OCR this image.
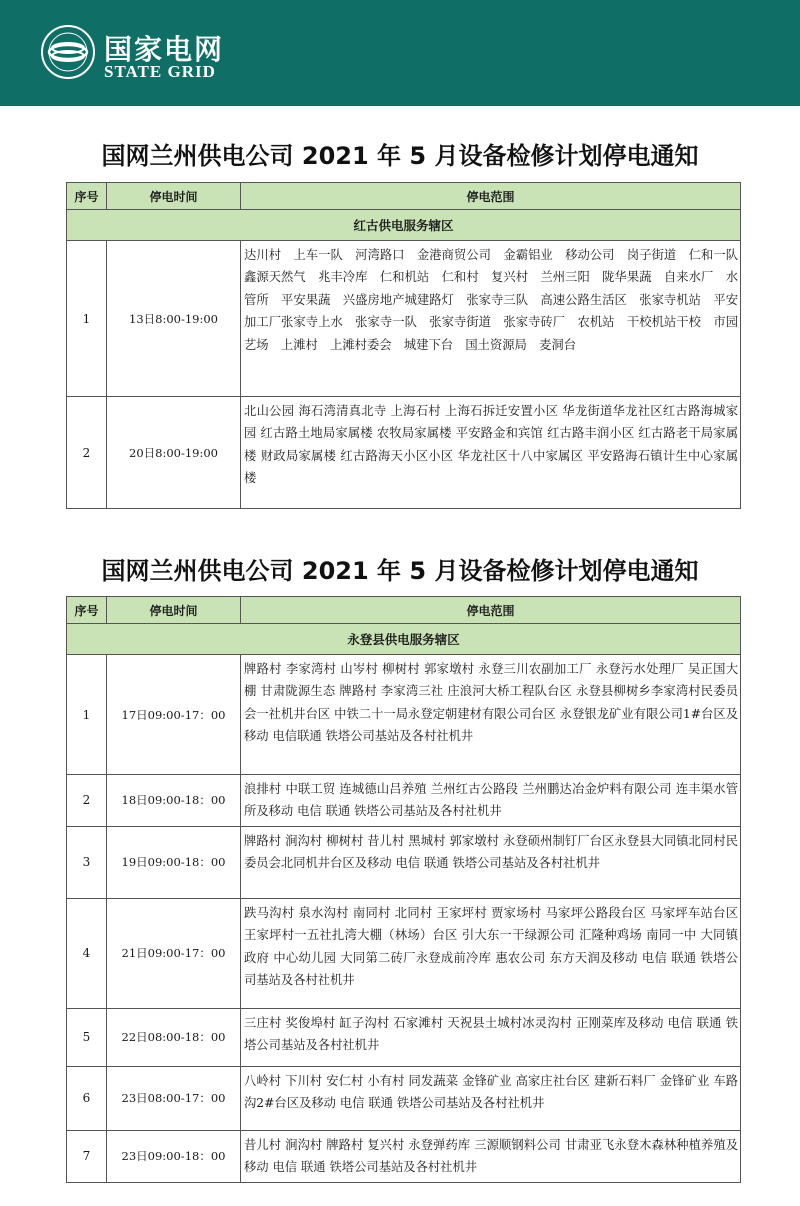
国家电网
STATE GRID
国网兰州供电公司 2021 年 5 月设备检修计划停电通知
序号	停电时间	停电范围
红古供电服务辖区		
1	13日8:00-19:00	达川村　上车一队　河湾路口　金港商贸公司　金霸铝业　移动公司　岗子街道　仁和一队　鑫源天然气　兆丰冷库　仁和机站　仁和村　复兴村　兰州三阳　陇华果蔬　自来水厂　水管所　平安果蔬　兴盛房地产城建路灯　张家寺三队　高速公路生活区　张家寺机站　平安加工厂张家寺上水　张家寺一队　张家寺街道　张家寺砖厂　农机站　干校机站干校　市园艺场　上滩村　上滩村委会　城建下台　国土资源局　麦洞台
2	20日8:00-19:00	北山公园 海石湾清真北寺 上海石村 上海石拆迁安置小区 华龙街道华龙社区红古路海城家园 红古路土地局家属楼 农牧局家属楼 平安路金和宾馆 红古路丰润小区 红古路老干局家属楼 财政局家属楼 红古路海天小区小区 华龙社区十八中家属区 平安路海石镇计生中心家属楼
国网兰州供电公司 2021 年 5 月设备检修计划停电通知
序号	停电时间	停电范围
永登县供电服务辖区		
1	17日09:00-17：00	牌路村 李家湾村 山岑村 柳树村 郭家墩村 永登三川农副加工厂 永登污水处理厂 吴正国大棚 甘肃陇源生态 牌路村 李家湾三社 庄浪河大桥工程队台区 永登县柳树乡李家湾村民委员会一社机井台区 中铁二十一局永登定朝建材有限公司台区 永登银龙矿业有限公司1#台区及移动 电信联通 铁塔公司基站及各村社机井
2	18日09:00-18：00	浪排村 中联工贸 连城德山吕养殖 兰州红古公路段 兰州鹏达冶金炉料有限公司 连丰渠水管所及移动 电信 联通 铁塔公司基站及各村社机井
3	19日09:00-18：00	牌路村 涧沟村 柳树村 昔儿村 黑城村 郭家墩村 永登硕州制钉厂台区永登县大同镇北同村民委员会北同机井台区及移动 电信 联通 铁塔公司基站及各村社机井
4	21日09:00-17：00	跌马沟村 泉水沟村 南同村 北同村 王家坪村 贾家场村 马家坪公路段台区 马家坪车站台区 王家坪村一五社扎湾大棚（林场）台区 引大东一干绿源公司 汇隆种鸡场 南同一中 大同镇政府 中心幼儿园 大同第二砖厂永登成前冷库 惠农公司 东方天润及移动 电信 联通 铁塔公司基站及各村社机井
5	22日08:00-18：00	三庄村 奖俊埠村 缸子沟村 石家滩村 天祝县土城村冰灵沟村 正刚菜库及移动 电信 联通 铁塔公司基站及各村社机井
6	23日08:00-17：00	八岭村 下川村 安仁村 小有村 同发蔬菜 金锋矿业 高家庄社台区 建新石料厂 金锋矿业 车路沟2#台区及移动 电信 联通 铁塔公司基站及各村社机井
7	23日09:00-18：00	昔儿村 涧沟村 牌路村 复兴村 永登弹药库 三源顺钢料公司 甘肃亚飞永登木森林种植养殖及移动 电信 联通 铁塔公司基站及各村社机井
